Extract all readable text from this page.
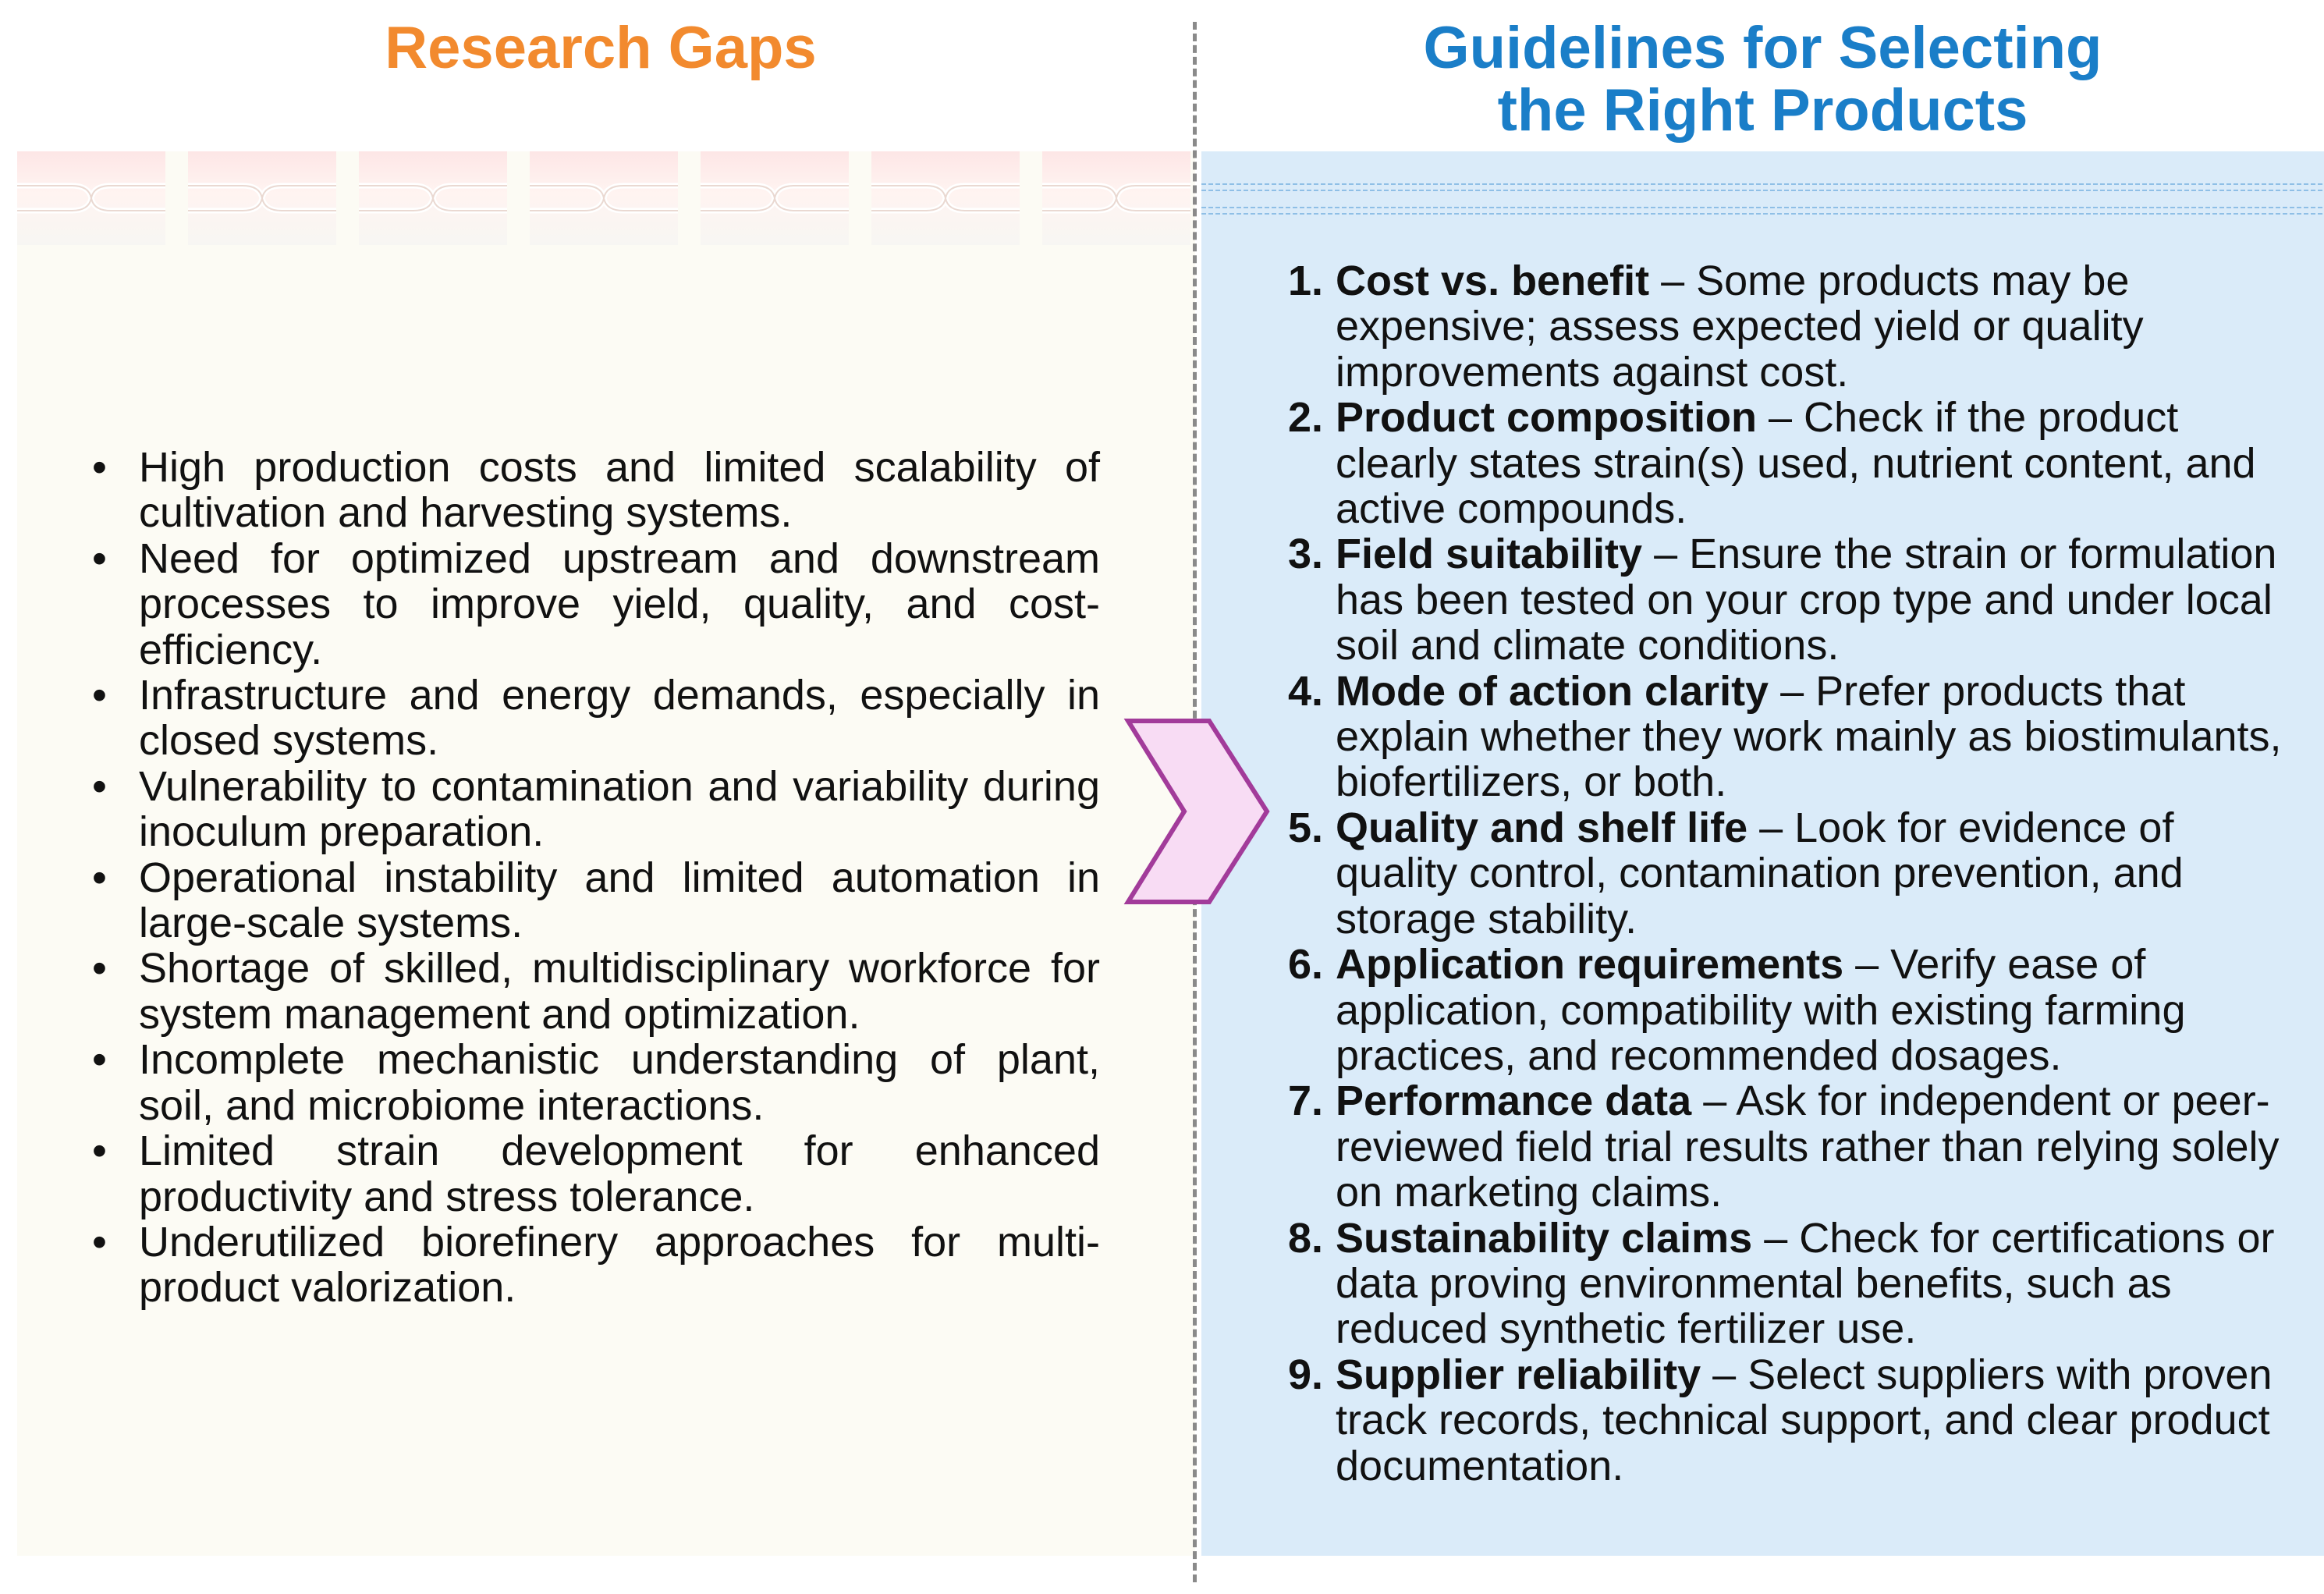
Research Gaps	Guidelines for Selecting
the Right Products
• High production costs and limited scalability of cultivation and harvesting systems.
• Need for optimized upstream and downstream processes to improve yield, quality, and cost-efficiency.
• Infrastructure and energy demands, especially in closed systems.
• Vulnerability to contamination and variability during inoculum preparation.
• Operational instability and limited automation in large-scale systems.
• Shortage of skilled, multidisciplinary workforce for system management and optimization.
• Incomplete mechanistic understanding of plant, soil, and microbiome interactions.
• Limited strain development for enhanced productivity and stress tolerance.
• Underutilized biorefinery approaches for multi-product valorization.
1. Cost vs. benefit – Some products may be expensive; assess expected yield or quality improvements against cost.
2. Product composition – Check if the product clearly states strain(s) used, nutrient content, and active compounds.
3. Field suitability – Ensure the strain or formulation has been tested on your crop type and under local soil and climate conditions.
4. Mode of action clarity – Prefer products that explain whether they work mainly as biostimulants, biofertilizers, or both.
5. Quality and shelf life – Look for evidence of quality control, contamination prevention, and storage stability.
6. Application requirements – Verify ease of application, compatibility with existing farming practices, and recommended dosages.
7. Performance data – Ask for independent or peer-reviewed field trial results rather than relying solely on marketing claims.
8. Sustainability claims – Check for certifications or data proving environmental benefits, such as reduced synthetic fertilizer use.
9. Supplier reliability – Select suppliers with proven track records, technical support, and clear product documentation.
